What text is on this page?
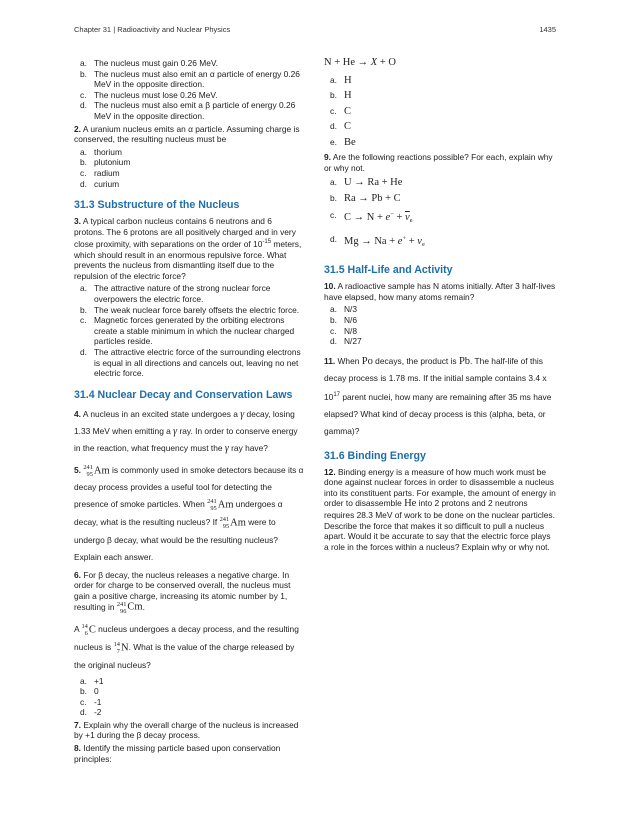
Chapter 31 | Radioactivity and Nuclear Physics	1435
a. The nucleus must gain 0.26 MeV.
b. The nucleus must also emit an α particle of energy 0.26 MeV in the opposite direction.
c. The nucleus must lose 0.26 MeV.
d. The nucleus must also emit a β particle of energy 0.26 MeV in the opposite direction.

2. A uranium nucleus emits an α particle. Assuming charge is conserved, the resulting nucleus must be

a. thorium
b. plutonium
c. radium
d. curium
31.3 Substructure of the Nucleus

3. A typical carbon nucleus contains 6 neutrons and 6 protons. The 6 protons are all positively charged and in very close proximity, with separations on the order of $10^{-15}$ meters, which should result in an enormous repulsive force. What prevents the nucleus from dismantling itself due to the repulsion of the electric force?

a. The attractive nature of the strong nuclear force overpowers the electric force.
b. The weak nuclear force barely offsets the electric force.
c. Magnetic forces generated by the orbiting electrons create a stable minimum in which the nuclear charged particles reside.
d. The attractive electric force of the surrounding electrons is equal in all directions and cancels out, leaving no net electric force.
31.4 Nuclear Decay and Conservation Laws

4. A nucleus in an excited state undergoes a γ decay, losing 1.33 MeV when emitting a γ ray. In order to conserve energy in the reaction, what frequency must the γ ray have?

5. 241
95 Am is commonly used in smoke detectors because its α decay process provides a useful tool for detecting the presence of smoke particles. When 241
95 Am undergoes α decay, what is the resulting nucleus? If 241
95 Am were to undergo β decay, what would be the resulting nucleus? Explain each answer.

6. For β decay, the nucleus releases a negative charge. In order for charge to be conserved overall, the nucleus must gain a positive charge, increasing its atomic number by 1, resulting in 241
96 Cm.

A 14
6 C nucleus undergoes a decay process, and the resulting nucleus is 14
7 N. What is the value of the charge released by the original nucleus?

a. +1
b. 0
c. -1
d. -2

7. Explain why the overall charge of the nucleus is increased by +1 during the β decay process.

8. Identify the missing particle based upon conservation principles:

N + He → X + O
a. H
b. H
c. C
d. C
e. Be

9. Are the following reactions possible? For each, explain why or why not.

a. U → Ra + He
b. Ra → Pb + C
c. $C \to N + e^- + \overline{\nu}_e$
d. $Mg \to Na + e^+ + \nu_e$
31.5 Half-Life and Activity

10. A radioactive sample has N atoms initially. After 3 half-lives have elapsed, how many atoms remain?

a. N/3
b. N/6
c. N/8
d. N/27

11. When Po decays, the product is Pb. The half-life of this decay process is 1.78 ms. If the initial sample contains 3.4 x $10^{17}$ parent nuclei, how many are remaining after 35 ms have elapsed? What kind of decay process is this (alpha, beta, or gamma)?

31.6 Binding Energy

12. Binding energy is a measure of how much work must be done against nuclear forces in order to disassemble a nucleus into its constituent parts. For example, the amount of energy in order to disassemble He into 2 protons and 2 neutrons requires 28.3 MeV of work to be done on the nuclear particles. Describe the force that makes it so difficult to pull a nucleus apart. Would it be accurate to say that the electric force plays a role in the forces within a nucleus? Explain why or why not.
